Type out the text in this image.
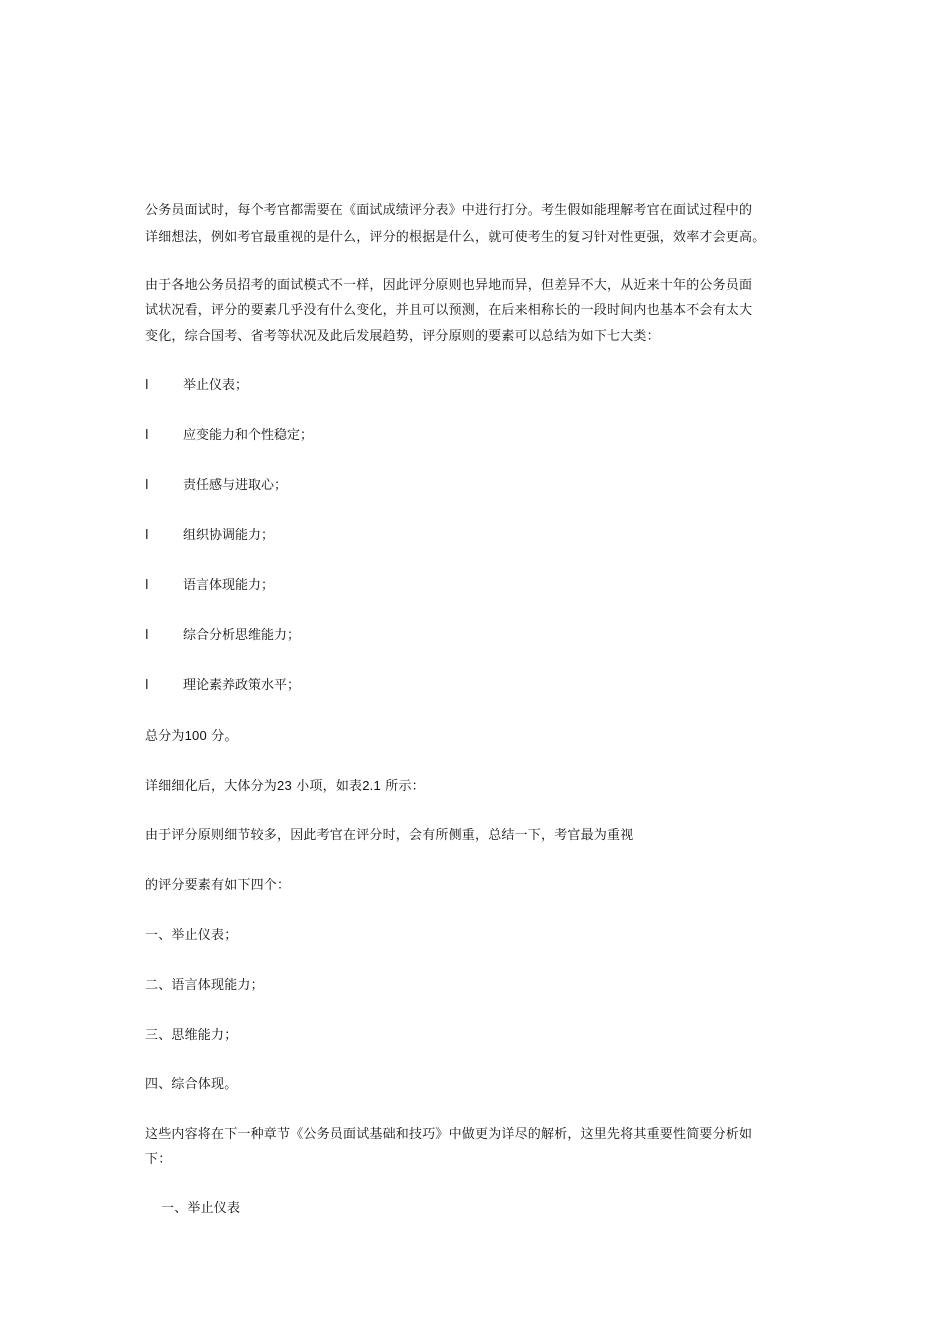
公务员面试时，每个考官都需要在《面试成绩评分表》中进行打分。考生假如能理解考官在面试过程中的
详细想法，例如考官最重视的是什么，评分的根据是什么，就可使考生的复习针对性更强，效率才会更高。
由于各地公务员招考的面试模式不一样，因此评分原则也异地而异，但差异不大，从近来十年的公务员面
试状况看，评分的要素几乎没有什么变化，并且可以预测，在后来相称长的一段时间内也基本不会有太大
变化，综合国考、省考等状况及此后发展趋势，评分原则的要素可以总结为如下七大类：
l	举止仪表；
l	应变能力和个性稳定；
l	责任感与进取心；
l	组织协调能力；
l	语言体现能力；
l	综合分析思维能力；
l	理论素养政策水平；
总分为100 分。
详细细化后，大体分为23 小项，如表2.1 所示：
由于评分原则细节较多，因此考官在评分时，会有所侧重，总结一下，考官最为重视
的评分要素有如下四个：
一、举止仪表；
二、语言体现能力；
三、思维能力；
四、综合体现。
这些内容将在下一种章节《公务员面试基础和技巧》中做更为详尽的解析，这里先将其重要性简要分析如
下：
一、举止仪表
